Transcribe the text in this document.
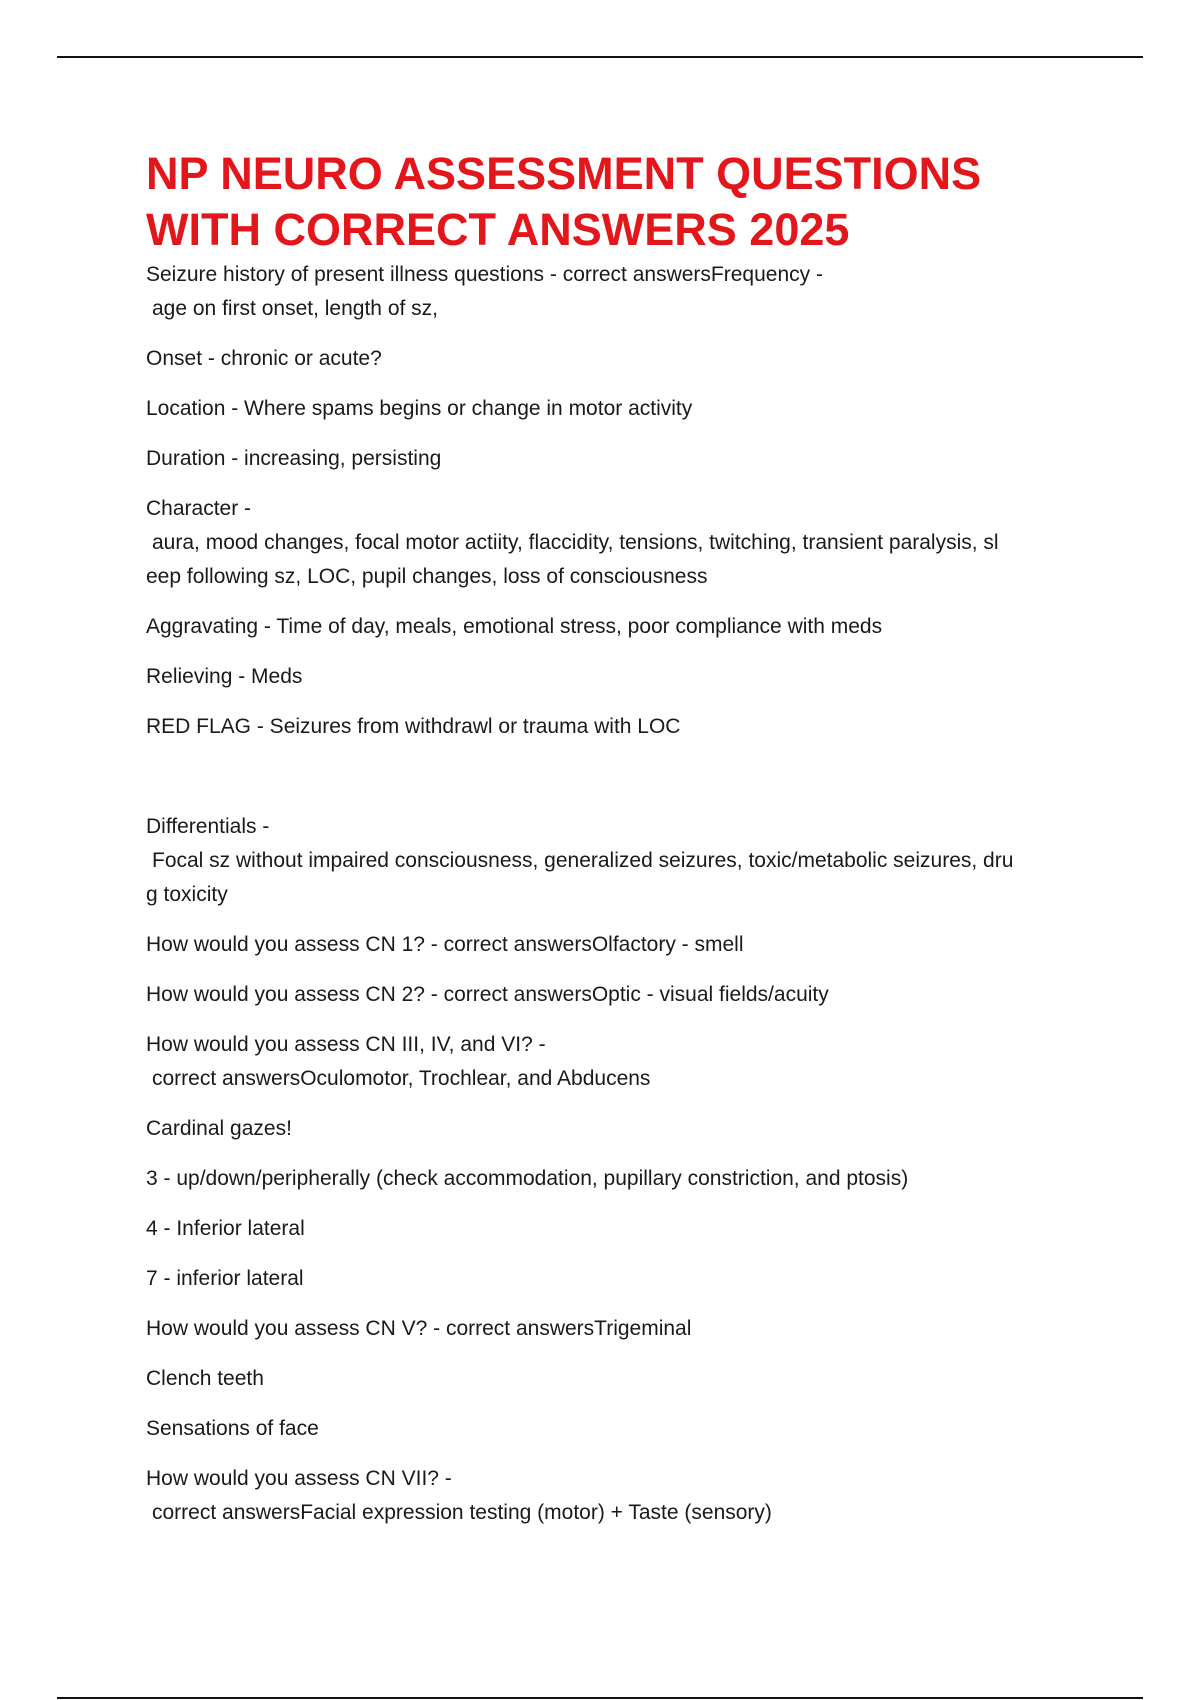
NP NEURO ASSESSMENT QUESTIONS
WITH CORRECT ANSWERS 2025

Seizure history of present illness questions - correct answersFrequency -
age on first onset, length of sz,

Onset - chronic or acute?

Location - Where spams begins or change in motor activity

Duration - increasing, persisting

Character -
aura, mood changes, focal motor actiity, flaccidity, tensions, twitching, transient paralysis, sl
eep following sz, LOC, pupil changes, loss of consciousness

Aggravating - Time of day, meals, emotional stress, poor compliance with meds

Relieving - Meds

RED FLAG - Seizures from withdrawl or trauma with LOC

Differentials -
Focal sz without impaired consciousness, generalized seizures, toxic/metabolic seizures, dru
g toxicity

How would you assess CN 1? - correct answersOlfactory - smell

How would you assess CN 2? - correct answersOptic - visual fields/acuity

How would you assess CN III, IV, and VI? -
correct answersOculomotor, Trochlear, and Abducens

Cardinal gazes!

3 - up/down/peripherally (check accommodation, pupillary constriction, and ptosis)

4 - Inferior lateral

7 - inferior lateral

How would you assess CN V? - correct answersTrigeminal

Clench teeth

Sensations of face

How would you assess CN VII? -
correct answersFacial expression testing (motor) + Taste (sensory)
